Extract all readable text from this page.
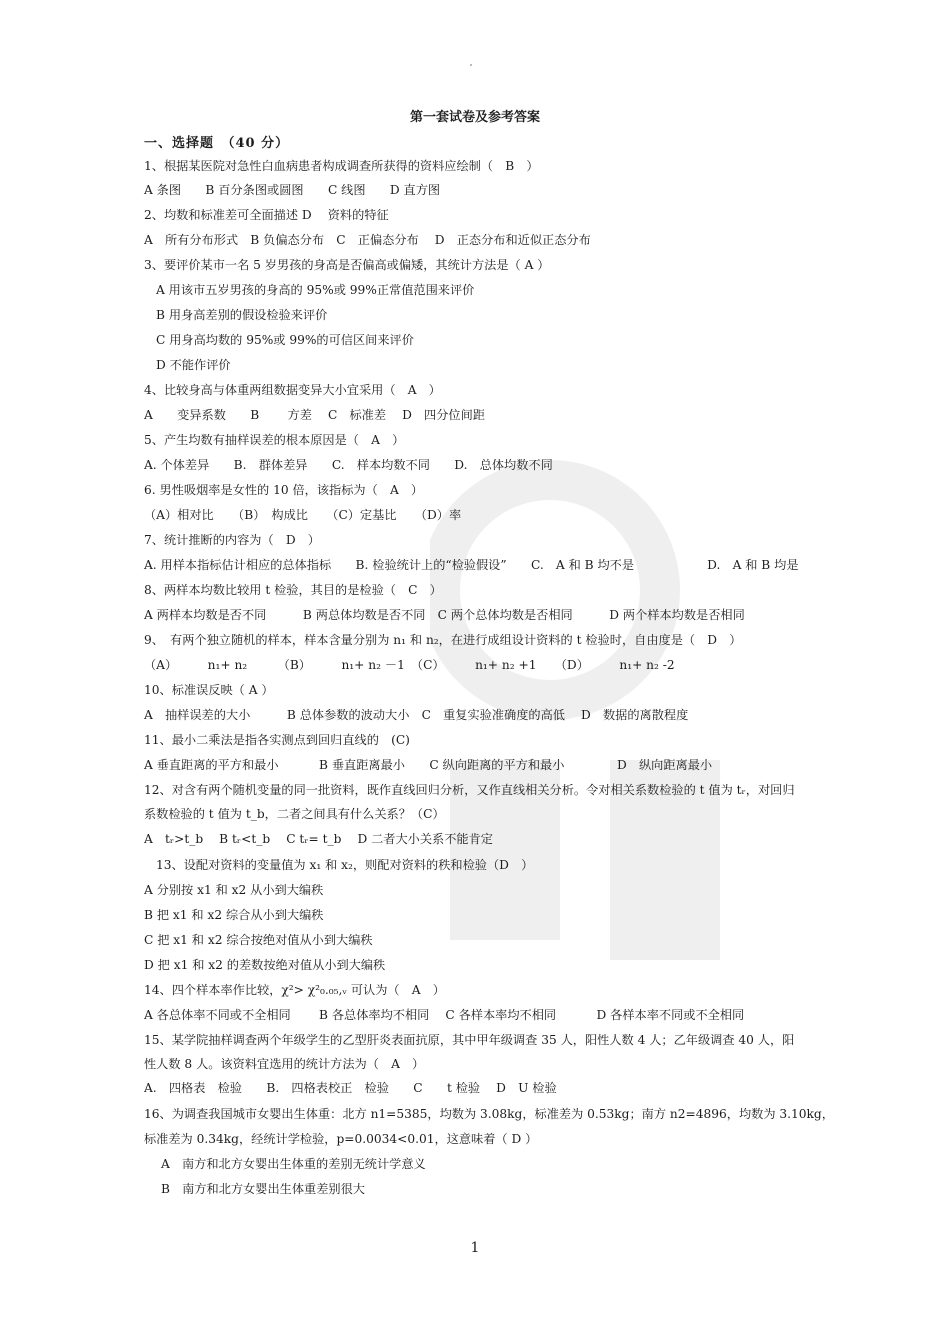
第一套试卷及参考答案
一、选择题　（40 分）
1、根据某医院对急性白血病患者构成调查所获得的资料应绘制（　B　）
A 条图　　B 百分条图或圆图　　C 线图　　D 直方图
2、均数和标准差可全面描述 D　 资料的特征
A　所有分布形式　B 负偏态分布　C　正偏态分布　 D　正态分布和近似正态分布
3、要评价某市一名 5 岁男孩的身高是否偏高或偏矮，其统计方法是（ A ）
A 用该市五岁男孩的身高的 95%或 99%正常值范围来评价
B 用身高差别的假设检验来评价
C 用身高均数的 95%或 99%的可信区间来评价
D 不能作评价
4、比较身高与体重两组数据变异大小宜采用（　A　）
A　　变异系数　　B　　 方差　 C　标准差　 D　四分位间距
5、产生均数有抽样误差的根本原因是（　A　）
A. 个体差异　　B.　群体差异　　C.　样本均数不同　　D.　总体均数不同
6. 男性吸烟率是女性的 10 倍，该指标为（　A　）
（A）相对比　　（B）　构成比　　（C）定基比　　（D）率
7、统计推断的内容为（　D　）
A. 用样本指标估计相应的总体指标　　B. 检验统计上的“检验假设”　　C.　A 和 B 均不是　　　　　　D.　A 和 B 均是
8、两样本均数比较用 t 检验，其目的是检验（　C　）
A 两样本均数是否不同　　　B 两总体均数是否不同　C 两个总体均数是否相同　　　D 两个样本均数是否相同
9、　有两个独立随机的样本，样本含量分别为 n₁ 和 n₂，在进行成组设计资料的 t 检验时，自由度是（　D　）
（A）　　　n₁+ n₂　　　（B）　　　n₁+ n₂ －1　（C）　　　n₁+ n₂ +1　　（D）　　　n₁+ n₂ -2
10、标准误反映（ A ）
A　抽样误差的大小　　　B 总体参数的波动大小　C　重复实验准确度的高低　 D　数据的离散程度
11、最小二乘法是指各实测点到回归直线的　(C)
A 垂直距离的平方和最小　　　 B 垂直距离最小　　C 纵向距离的平方和最小　　　　 D　纵向距离最小
12、对含有两个随机变量的同一批资料，既作直线回归分析，又作直线相关分析。令对相关系数检验的 t 值为 tᵣ，对回归
系数检验的 t 值为 t_b，二者之间具有什么关系？（C）
A　tᵣ>t_b　 B tᵣ<t_b　 C tᵣ= t_b　 D 二者大小关系不能肯定
13、设配对资料的变量值为 x₁ 和 x₂，则配对资料的秩和检验（D　）
A 分别按 x1 和 x2 从小到大编秩
B 把 x1 和 x2 综合从小到大编秩
C 把 x1 和 x2 综合按绝对值从小到大编秩
D 把 x1 和 x2 的差数按绝对值从小到大编秩
14、四个样本率作比较，χ²> χ²₀.₀₅,ᵥ 可认为（　A　）
A 各总体率不同或不全相同　　 B 各总体率均不相同　 C 各样本率均不相同　　　 D 各样本率不同或不全相同
15、某学院抽样调查两个年级学生的乙型肝炎表面抗原，其中甲年级调查 35 人，阳性人数 4 人；乙年级调查 40 人，阳
性人数 8 人。该资料宜选用的统计方法为（　A　）
A.　四格表　检验　　B.　四格表校正　检验　　C　　t 检验　 D　U 检验
16、为调查我国城市女婴出生体重：北方 n1=5385，均数为 3.08kg，标准差为 0.53kg；南方 n2=4896，均数为 3.10kg，
标准差为 0.34kg，经统计学检验，p=0.0034<0.01，这意味着（ D ）
A　南方和北方女婴出生体重的差别无统计学意义
B　南方和北方女婴出生体重差别很大
1
